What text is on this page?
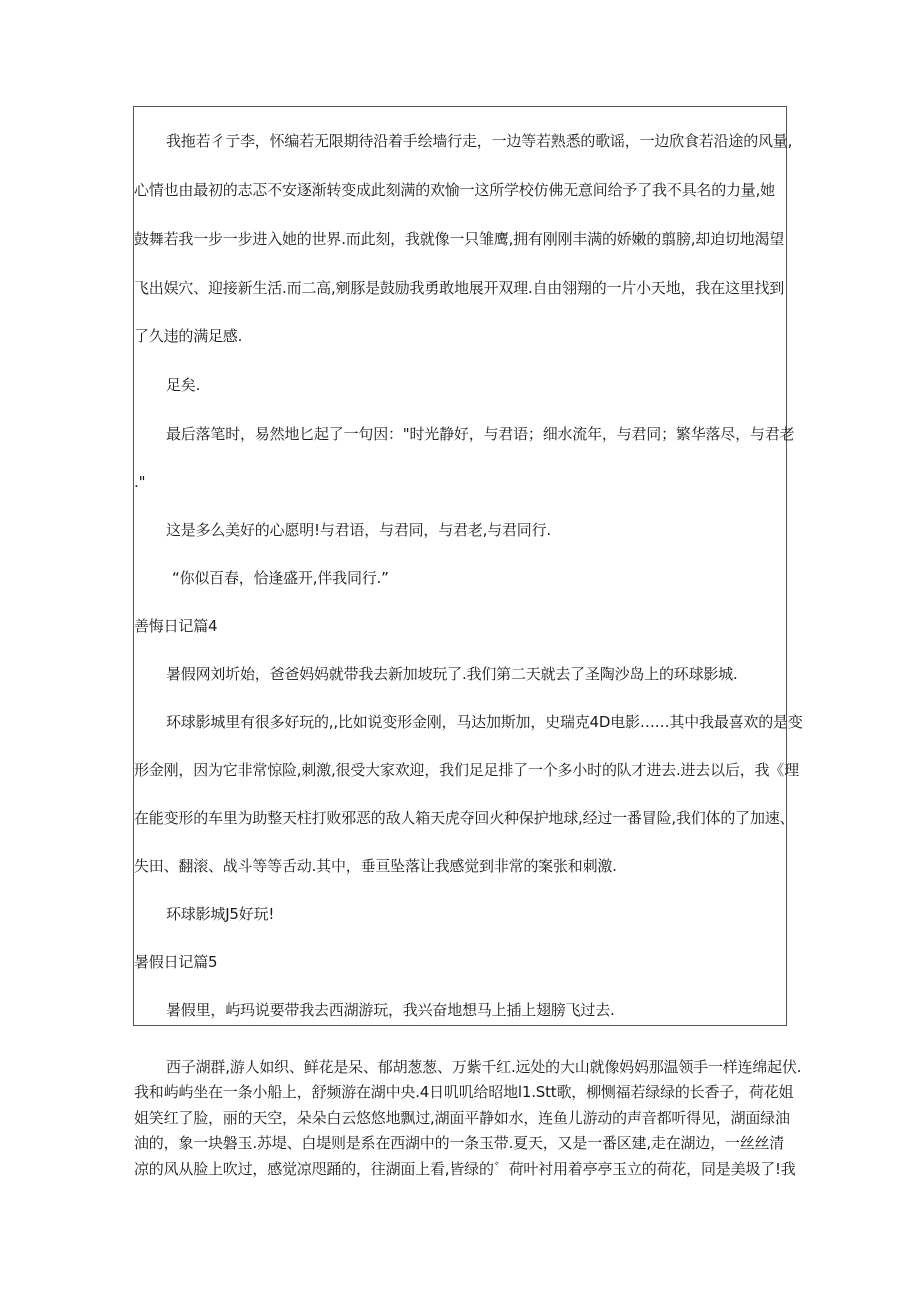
我拖若彳亍李，怀编若无限期待沿着手绘墙行走，一边等若熟悉的歌谣，一边欣食若沿途的风量,
心情也由最初的志忑不安逐渐转变成此刻满的欢愉一这所学校仿佛无意间给予了我不具名的力量,她
鼓舞若我一步一步进入她的世界.而此刻，我就像一只雏鹰,拥有刚刚丰满的娇嫩的翦膀,却迫切地渴望
飞出娱穴、迎接新生活.而二高,剜豚是鼓励我勇敢地展开双理.自由翎翔的一片小天地，我在这里找到
了久违的满足感.
足矣.
最后落笔时，易然地匕起了一句因："时光静好，与君语；细水流年，与君同；繁华落尽，与君老
."
这是多么美好的心愿明!与君语，与君同，与君老,与君同行.
“你似百春，恰逢盛开,伴我同行.”
善悔日记篇4
暑假网刘圻始，爸爸妈妈就带我去新加坡玩了.我们第二天就去了圣陶沙岛上的环球影城.
环球影城里有很多好玩的,,比如说变形金刚，马达加斯加，史瑞克4D电影……其中我最喜欢的是变
形金刚，因为它非常惊险,刺激,很受大家欢迎，我们足足排了一个多小时的队才进去.进去以后，我《理
在能变形的车里为助整天柱打败邪恶的敌人箱天虎夺回火种保护地球,经过一番冒险,我们体的了加速、
失田、翻滚、战斗等等舌动.其中，垂亘坠落让我感觉到非常的案张和刺激.
环球影城J5好玩!
暑假日记篇5
暑假里，屿玛说要带我去西湖游玩，我兴奋地想马上插上翅膀飞过去.
西子湖群,游人如织、鲜花是呆、郁胡葱葱、万紫千红.远处的大山就像妈妈那温领手一样连绵起伏.
我和屿屿坐在一条小船上，舒频游在湖中央.4日叽叽给昭地l1.Stt歌，柳恻福若绿绿的长香子，荷花姐
姐笑红了脸，丽的天空，朵朵白云悠悠地飘过,湖面平静如水，连鱼儿游动的声音都听得见，湖面绿油
油的，象一块磐玉.苏堤、白堤则是系在西湖中的一条玉带.夏天，又是一番区建,走在湖边，一丝丝清
凉的风从脸上吹过，感觉凉咫踊的，往湖面上看,皆绿的゛荷叶衬用着亭亭玉立的荷花，同是美圾了!我
